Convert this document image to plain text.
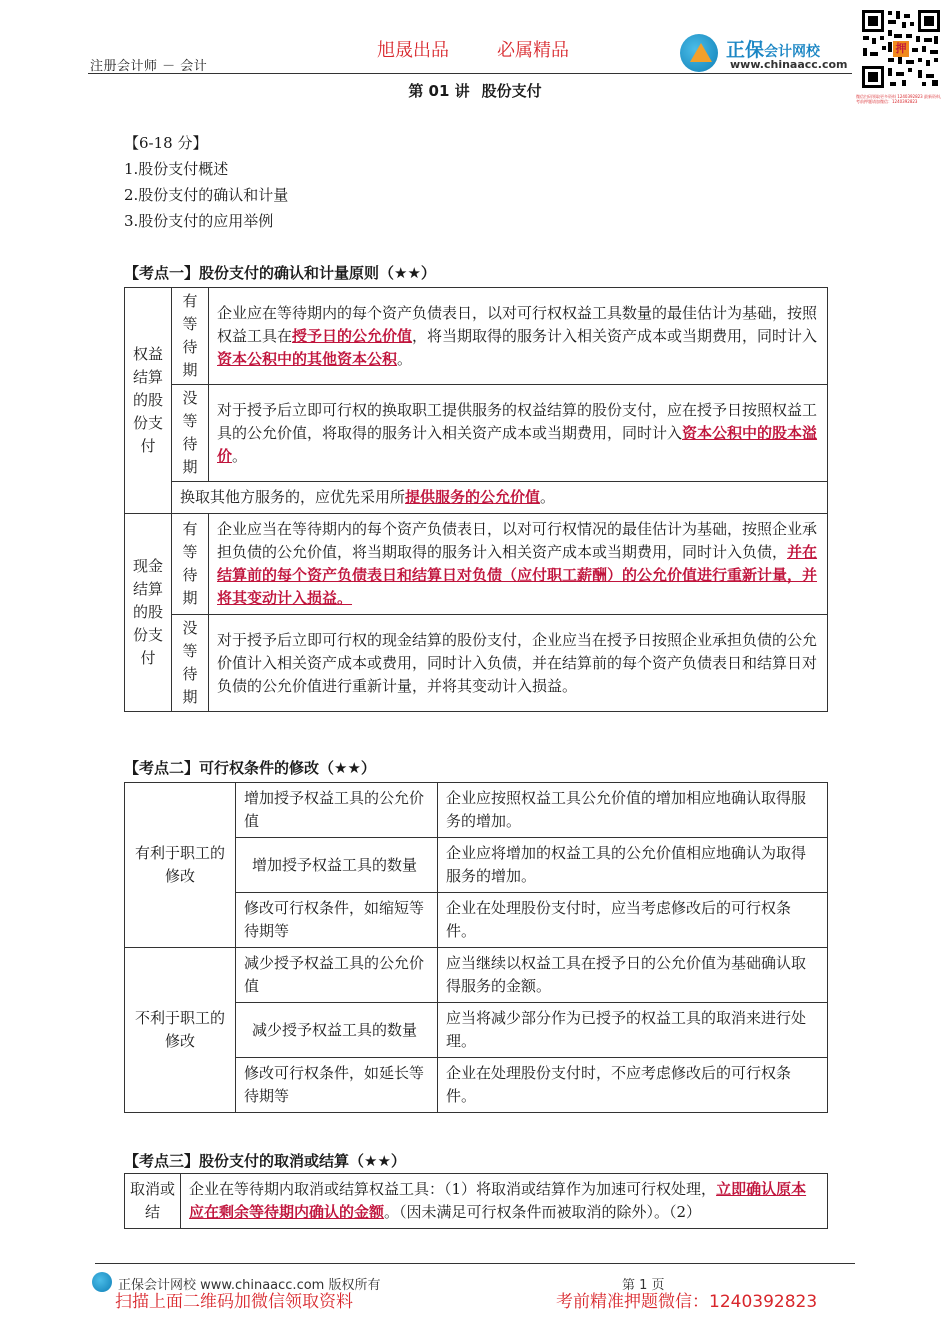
注册会计师 － 会计
旭晟出品	必属精品	正保会计网校
www.chinaacc.com
押
微信扫码领取更多资料 1240392823 最新资料，考前押题请加微信：1240392823
第 01 讲 股份支付
【6-18 分】
1.股份支付概述
2.股份支付的确认和计量
3.股份支付的应用举例
【考点一】股份支付的确认和计量原则（★★）
权益结算的股份支付	有等待期	企业应在等待期内的每个资产负债表日，以对可行权权益工具数量的最佳估计为基础，按照权益工具在授予日的公允价值，将当期取得的服务计入相关资产成本或当期费用，同时计入资本公积中的其他资本公积。
	没等待期	对于授予后立即可行权的换取职工提供服务的权益结算的股份支付，应在授予日按照权益工具的公允价值，将取得的服务计入相关资产成本或当期费用，同时计入资本公积中的股本溢价。
	换取其他方服务的，应优先采用所提供服务的公允价值。	
现金结算的股份支付	有等待期	企业应当在等待期内的每个资产负债表日，以对可行权情况的最佳估计为基础，按照企业承担负债的公允价值，将当期取得的服务计入相关资产成本或当期费用，同时计入负债，并在结算前的每个资产负债表日和结算日对负债（应付职工薪酬）的公允价值进行重新计量，并将其变动计入损益。
	没等待期	对于授予后立即可行权的现金结算的股份支付，企业应当在授予日按照企业承担负债的公允价值计入相关资产成本或费用，同时计入负债，并在结算前的每个资产负债表日和结算日对负债的公允价值进行重新计量，并将其变动计入损益。
【考点二】可行权条件的修改（★★）
有利于职工的修改	增加授予权益工具的公允价值	企业应按照权益工具公允价值的增加相应地确认取得服务的增加。
	增加授予权益工具的数量	企业应将增加的权益工具的公允价值相应地确认为取得服务的增加。
	修改可行权条件，如缩短等待期等	企业在处理股份支付时，应当考虑修改后的可行权条件。
不利于职工的修改	减少授予权益工具的公允价值	应当继续以权益工具在授予日的公允价值为基础确认取得服务的金额。
	减少授予权益工具的数量	应当将减少部分作为已授予的权益工具的取消来进行处理。
	修改可行权条件，如延长等待期等	企业在处理股份支付时，不应考虑修改后的可行权条件。
【考点三】股份支付的取消或结算（★★）
取消或结	企业在等待期内取消或结算权益工具：（1）将取消或结算作为加速可行权处理，立即确认原本应在剩余等待期内确认的金额。（因未满足可行权条件而被取消的除外）。（2）
正保会计网校 www.chinaacc.com 版权所有	第 1 页
扫描上面二维码加微信领取资料	考前精准押题微信：1240392823
